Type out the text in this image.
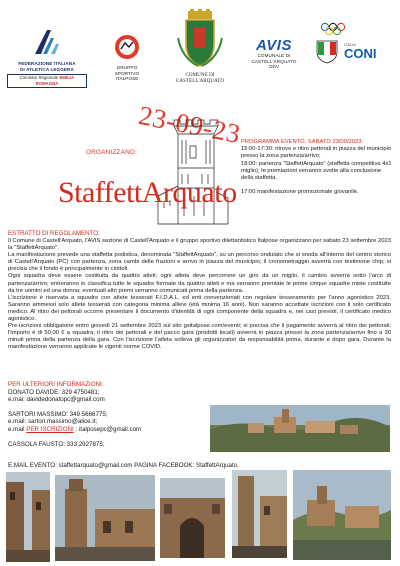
FEDERAZIONE ITALIANA
DI ATLETICA LEGGERA
Comitato Regionale EMILIA ROMAGNA
GRUPPO SPORTIVO
ITALPOSE
COMUNE DI
CASTELL'ARQUATO
AVIS
COMUNALE DI
CASTELL'ARQUATO
ODV
ITALIA
CONI
23-09-23
ORGANIZZANO:
StaffettArquato

PROGRAMMA EVENTO, SABATO 23/09/2023:

15:00-17:30: ritrovo e ritiro pettorali in piazza del municipio presso la zona partenza/arrivo;

18:00: partenza "StaffettArquato" (staffetta competitiva 4x1 miglio); le premiazioni verranno svolte alla conclusione della staffetta.

17:00 manifestazione promozionale giovanile.

ESTRATTO DI REGOLAMENTO:

Il Comune di Castell'Arquato, l'AVIS sezione di Castell'Arquato e il gruppo sportivo dilettantistico Italpose organizzano per sabato 23 settembre 2023 la "StaffettArquato".

La manifestazione prevede una staffetta podistica, denominata "StaffettArquato", su un percorso ondulato che si snoda all'interno del centro storico di Castell'Arquato (PC) con partenza, zona cambi delle frazioni e arrivo in piazza del municipio; il cronometraggio avverrà con testimone chip; si precisa che il fondo è principalmente in ciottoli.

Ogni squadra deve essere costituita da quattro atleti; ogni atleta deve percorrere un giro da un miglio, il cambio avverrà sotto l'arco di partenza/arrivo; entreranno in classifica tutte le squadre formate da quattro atleti e ma verranno premiate le prime cinque squadre miste costituite da tre uomini ed una donna; eventuali altri premi verranno comunicati prima della partenza.

L'iscrizione è riservata a squadre con atlete tesserati F.I.D.A.L. ed enti convenzionati con regolare tesseramento per l'anno agonistico 2023. Saranno ammessi solo atlete tesserati con categoria minima allievi (età minima 16 anni). Non saranno accettate iscrizioni con il solo certificato medico. Al ritiro dei pettorali occorre presentare il documento d'identità di ogni componente della squadra e, nei casi previsti, il certificato medico agonistico.

Pre-iscrizioni obbligatorie entro giovedì 21 settembre 2023 sul sito gsitalpose.com/eventi; si precisa che il pagamento avverrà al ritiro dei pettorali; l'importo è di 50,00 € a squadra; il ritiro dei pettorali e del pacco gara (prodotti locali) avverrà in piazza presso la zona partenza/arrivo fino a 30 minuti prima della partenza della gara. Con l'iscrizione l'atleta solleva gli organizzatori da responsabilità prima, durante e dopo gara. Durante la manifestazione verranno applicate le vigenti norme COVID.

PER ULTERIORI INFORMAZIONI:

DONATO DAVIDE: 329 4750481;

e.mai: davidedonatopc@gmail.com

SARTORI MASSIMO: 349 5666775;

e.mail: sartori.massimo@alice.it;

e.mail PER ISCRIZIONI : italposepc@gmail.com

CASSOLA FAUSTO: 333 2927875;

E.MAIL EVENTO: staffettarquato@gmail.com PAGINA FACEBOOK: StaffettArquato.
